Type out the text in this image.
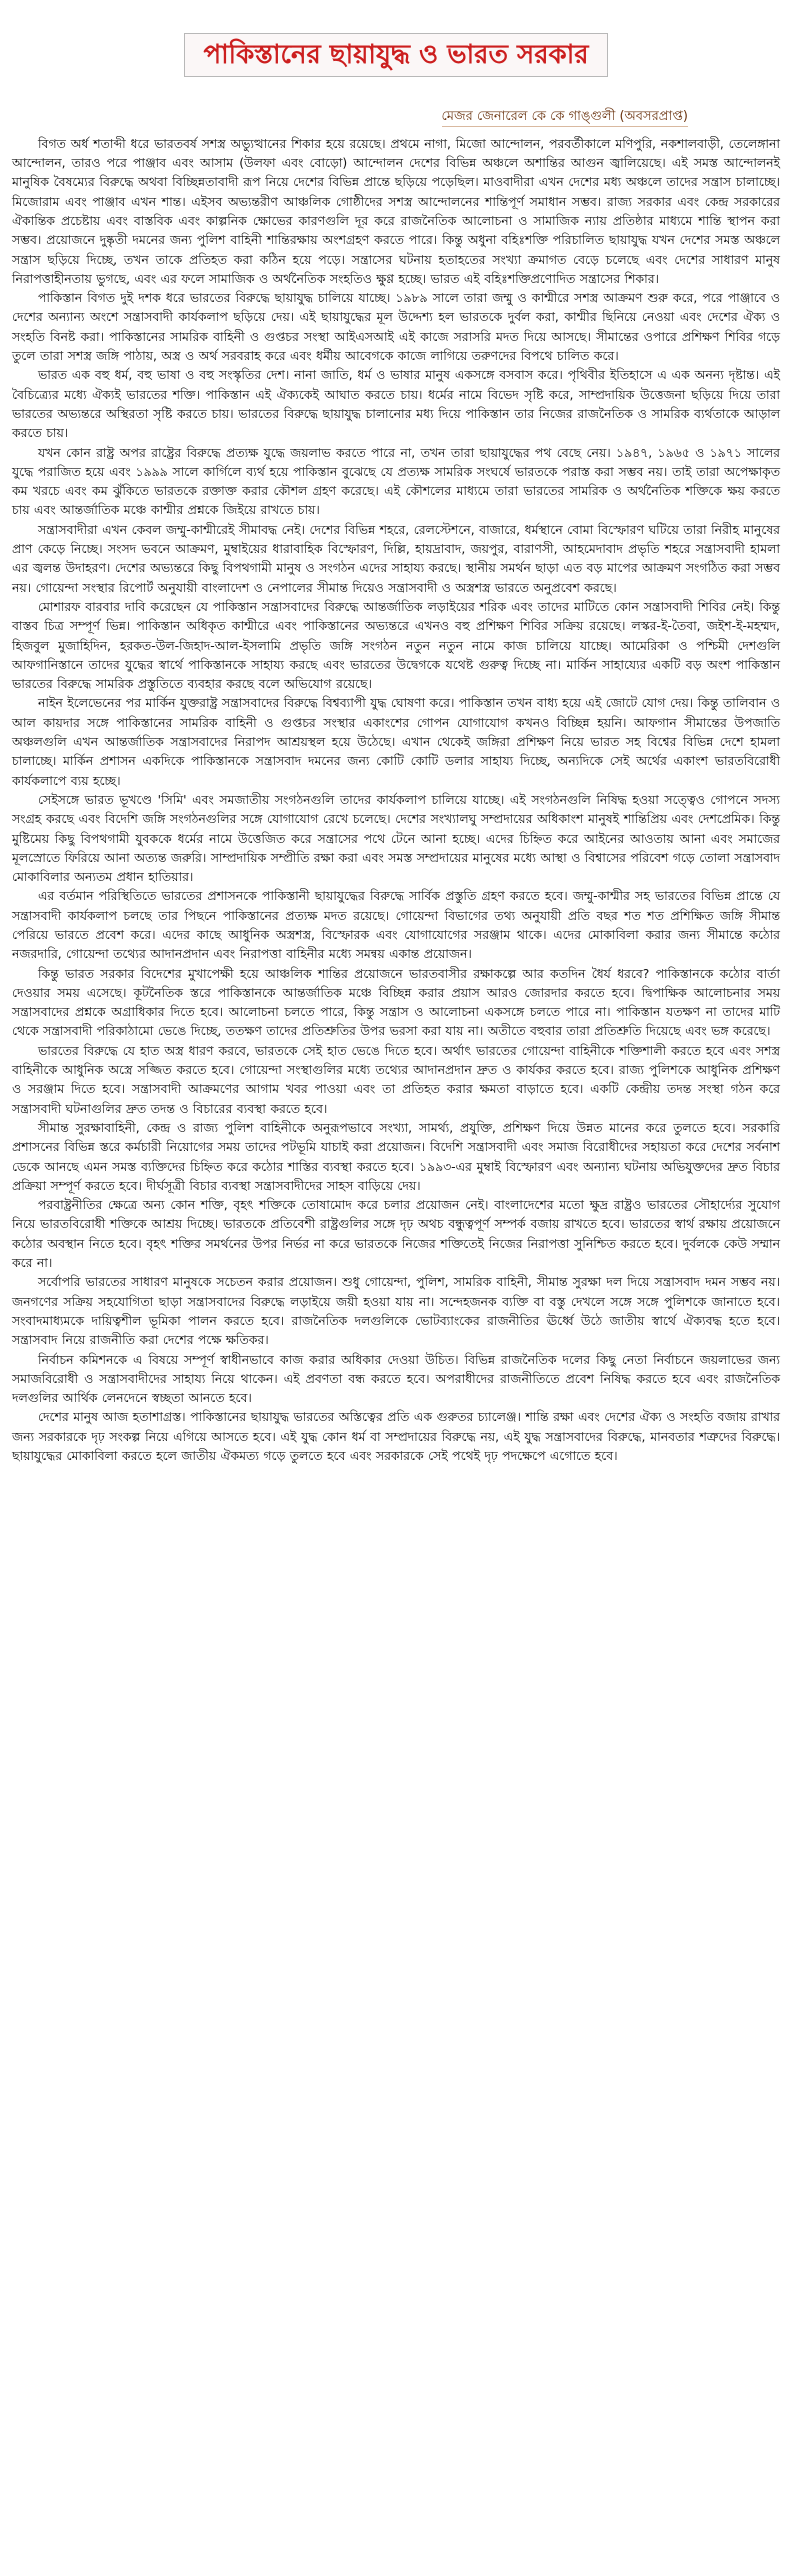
পাকিস্তানের ছায়াযুদ্ধ ও ভারত সরকার
মেজর জেনারেল কে কে গাঙ্গুলী (অবসরপ্রাপ্ত)

বিগত অর্ধ শতাব্দী ধরে ভারতবর্ষ সশস্ত্র অভ্যুত্থানের শিকার হয়ে রয়েছে। প্রথমে নাগা, মিজো আন্দোলন, পরবর্তীকালে মণিপুরি, নকশালবাড়ী, তেলেঙ্গানা আন্দোলন, তারও পরে পাঞ্জাব এবং আসাম (উলফা এবং বোড়ো) আন্দোলন দেশের বিভিন্ন অঞ্চলে অশান্তির আগুন জ্বালিয়েছে। এই সমস্ত আন্দোলনই মানুষিক বৈষম্যের বিরুদ্ধে অথবা বিচ্ছিন্নতাবাদী রূপ নিয়ে দেশের বিভিন্ন প্রান্তে ছড়িয়ে পড়েছিল। মাওবাদীরা এখন দেশের মধ্য অঞ্চলে তাদের সন্ত্রাস চালাচ্ছে। মিজোরাম এবং পাঞ্জাব এখন শান্ত। এইসব অভ্যন্তরীণ আঞ্চলিক গোষ্ঠীদের সশস্ত্র আন্দোলনের শান্তিপূর্ণ সমাধান সম্ভব। রাজ্য সরকার এবং কেন্দ্র সরকারের ঐকান্তিক প্রচেষ্টায় এবং বাস্তবিক এবং কাল্পনিক ক্ষোভের কারণগুলি দূর করে রাজনৈতিক আলোচনা ও সামাজিক ন্যায় প্রতিষ্ঠার মাধ্যমে শান্তি স্থাপন করা সম্ভব। প্রয়োজনে দুষ্কৃতী দমনের জন্য পুলিশ বাহিনী শান্তিরক্ষায় অংশগ্রহণ করতে পারে। কিন্তু অধুনা বহিঃশক্তি পরিচালিত ছায়াযুদ্ধ যখন দেশের সমস্ত অঞ্চলে সন্ত্রাস ছড়িয়ে দিচ্ছে, তখন তাকে প্রতিহত করা কঠিন হয়ে পড়ে। সন্ত্রাসের ঘটনায় হতাহতের সংখ্যা ক্রমাগত বেড়ে চলেছে এবং দেশের সাধারণ মানুষ নিরাপত্তাহীনতায় ভুগছে, এবং এর ফলে সামাজিক ও অর্থনৈতিক সংহতিও ক্ষুণ্ণ হচ্ছে। ভারত এই বহিঃশক্তিপ্রণোদিত সন্ত্রাসের শিকার।

পাকিস্তান বিগত দুই দশক ধরে ভারতের বিরুদ্ধে ছায়াযুদ্ধ চালিয়ে যাচ্ছে। ১৯৮৯ সালে তারা জম্মু ও কাশ্মীরে সশস্ত্র আক্রমণ শুরু করে, পরে পাঞ্জাবে ও দেশের অন্যান্য অংশে সন্ত্রাসবাদী কার্যকলাপ ছড়িয়ে দেয়। এই ছায়াযুদ্ধের মূল উদ্দেশ্য হল ভারতকে দুর্বল করা, কাশ্মীর ছিনিয়ে নেওয়া এবং দেশের ঐক্য ও সংহতি বিনষ্ট করা। পাকিস্তানের সামরিক বাহিনী ও গুপ্তচর সংস্থা আইএসআই এই কাজে সরাসরি মদত দিয়ে আসছে। সীমান্তের ওপারে প্রশিক্ষণ শিবির গড়ে তুলে তারা সশস্ত্র জঙ্গি পাঠায়, অস্ত্র ও অর্থ সরবরাহ করে এবং ধর্মীয় আবেগকে কাজে লাগিয়ে তরুণদের বিপথে চালিত করে।

ভারত এক বহু ধর্ম, বহু ভাষা ও বহু সংস্কৃতির দেশ। নানা জাতি, ধর্ম ও ভাষার মানুষ একসঙ্গে বসবাস করে। পৃথিবীর ইতিহাসে এ এক অনন্য দৃষ্টান্ত। এই বৈচিত্র্যের মধ্যে ঐক্যই ভারতের শক্তি। পাকিস্তান এই ঐক্যকেই আঘাত করতে চায়। ধর্মের নামে বিভেদ সৃষ্টি করে, সাম্প্রদায়িক উত্তেজনা ছড়িয়ে দিয়ে তারা ভারতের অভ্যন্তরে অস্থিরতা সৃষ্টি করতে চায়। ভারতের বিরুদ্ধে ছায়াযুদ্ধ চালানোর মধ্য দিয়ে পাকিস্তান তার নিজের রাজনৈতিক ও সামরিক ব্যর্থতাকে আড়াল করতে চায়।

যখন কোন রাষ্ট্র অপর রাষ্ট্রের বিরুদ্ধে প্রত্যক্ষ যুদ্ধে জয়লাভ করতে পারে না, তখন তারা ছায়াযুদ্ধের পথ বেছে নেয়। ১৯৪৭, ১৯৬৫ ও ১৯৭১ সালের যুদ্ধে পরাজিত হয়ে এবং ১৯৯৯ সালে কার্গিলে ব্যর্থ হয়ে পাকিস্তান বুঝেছে যে প্রত্যক্ষ সামরিক সংঘর্ষে ভারতকে পরাস্ত করা সম্ভব নয়। তাই তারা অপেক্ষাকৃত কম খরচে এবং কম ঝুঁকিতে ভারতকে রক্তাক্ত করার কৌশল গ্রহণ করেছে। এই কৌশলের মাধ্যমে তারা ভারতের সামরিক ও অর্থনৈতিক শক্তিকে ক্ষয় করতে চায় এবং আন্তর্জাতিক মঞ্চে কাশ্মীর প্রশ্নকে জিইয়ে রাখতে চায়।

সন্ত্রাসবাদীরা এখন কেবল জম্মু-কাশ্মীরেই সীমাবদ্ধ নেই। দেশের বিভিন্ন শহরে, রেলস্টেশনে, বাজারে, ধর্মস্থানে বোমা বিস্ফোরণ ঘটিয়ে তারা নিরীহ মানুষের প্রাণ কেড়ে নিচ্ছে। সংসদ ভবনে আক্রমণ, মুম্বাইয়ের ধারাবাহিক বিস্ফোরণ, দিল্লি, হায়দ্রাবাদ, জয়পুর, বারাণসী, আহমেদাবাদ প্রভৃতি শহরে সন্ত্রাসবাদী হামলা এর জ্বলন্ত উদাহরণ। দেশের অভ্যন্তরে কিছু বিপথগামী মানুষ ও সংগঠন এদের সাহায্য করছে। স্থানীয় সমর্থন ছাড়া এত বড় মাপের আক্রমণ সংগঠিত করা সম্ভব নয়। গোয়েন্দা সংস্থার রিপোর্ট অনুযায়ী বাংলাদেশ ও নেপালের সীমান্ত দিয়েও সন্ত্রাসবাদী ও অস্ত্রশস্ত্র ভারতে অনুপ্রবেশ করছে।

মোশারফ বারবার দাবি করেছেন যে পাকিস্তান সন্ত্রাসবাদের বিরুদ্ধে আন্তর্জাতিক লড়াইয়ের শরিক এবং তাদের মাটিতে কোন সন্ত্রাসবাদী শিবির নেই। কিন্তু বাস্তব চিত্র সম্পূর্ণ ভিন্ন। পাকিস্তান অধিকৃত কাশ্মীরে এবং পাকিস্তানের অভ্যন্তরে এখনও বহু প্রশিক্ষণ শিবির সক্রিয় রয়েছে। লস্কর-ই-তৈবা, জইশ-ই-মহম্মদ, হিজবুল মুজাহিদিন, হরকত-উল-জিহাদ-আল-ইসলামি প্রভৃতি জঙ্গি সংগঠন নতুন নতুন নামে কাজ চালিয়ে যাচ্ছে। আমেরিকা ও পশ্চিমী দেশগুলি আফগানিস্তানে তাদের যুদ্ধের স্বার্থে পাকিস্তানকে সাহায্য করছে এবং ভারতের উদ্বেগকে যথেষ্ট গুরুত্ব দিচ্ছে না। মার্কিন সাহায্যের একটি বড় অংশ পাকিস্তান ভারতের বিরুদ্ধে সামরিক প্রস্তুতিতে ব্যবহার করছে বলে অভিযোগ রয়েছে।

নাইন ইলেভেনের পর মার্কিন যুক্তরাষ্ট্র সন্ত্রাসবাদের বিরুদ্ধে বিশ্বব্যাপী যুদ্ধ ঘোষণা করে। পাকিস্তান তখন বাধ্য হয়ে এই জোটে যোগ দেয়। কিন্তু তালিবান ও আল কায়দার সঙ্গে পাকিস্তানের সামরিক বাহিনী ও গুপ্তচর সংস্থার একাংশের গোপন যোগাযোগ কখনও বিচ্ছিন্ন হয়নি। আফগান সীমান্তের উপজাতি অঞ্চলগুলি এখন আন্তর্জাতিক সন্ত্রাসবাদের নিরাপদ আশ্রয়স্থল হয়ে উঠেছে। এখান থেকেই জঙ্গিরা প্রশিক্ষণ নিয়ে ভারত সহ বিশ্বের বিভিন্ন দেশে হামলা চালাচ্ছে। মার্কিন প্রশাসন একদিকে পাকিস্তানকে সন্ত্রাসবাদ দমনের জন্য কোটি কোটি ডলার সাহায্য দিচ্ছে, অন্যদিকে সেই অর্থের একাংশ ভারতবিরোধী কার্যকলাপে ব্যয় হচ্ছে।

সেইসঙ্গে ভারত ভূখণ্ডে 'সিমি' এবং সমজাতীয় সংগঠনগুলি তাদের কার্যকলাপ চালিয়ে যাচ্ছে। এই সংগঠনগুলি নিষিদ্ধ হওয়া সত্ত্বেও গোপনে সদস্য সংগ্রহ করছে এবং বিদেশি জঙ্গি সংগঠনগুলির সঙ্গে যোগাযোগ রেখে চলেছে। দেশের সংখ্যালঘু সম্প্রদায়ের অধিকাংশ মানুষই শান্তিপ্রিয় এবং দেশপ্রেমিক। কিন্তু মুষ্টিমেয় কিছু বিপথগামী যুবককে ধর্মের নামে উত্তেজিত করে সন্ত্রাসের পথে টেনে আনা হচ্ছে। এদের চিহ্নিত করে আইনের আওতায় আনা এবং সমাজের মূলস্রোতে ফিরিয়ে আনা অত্যন্ত জরুরি। সাম্প্রদায়িক সম্প্রীতি রক্ষা করা এবং সমস্ত সম্প্রদায়ের মানুষের মধ্যে আস্থা ও বিশ্বাসের পরিবেশ গড়ে তোলা সন্ত্রাসবাদ মোকাবিলার অন্যতম প্রধান হাতিয়ার।

এর বর্তমান পরিস্থিতিতে ভারতের প্রশাসনকে পাকিস্তানী ছায়াযুদ্ধের বিরুদ্ধে সার্বিক প্রস্তুতি গ্রহণ করতে হবে। জম্মু-কাশ্মীর সহ ভারতের বিভিন্ন প্রান্তে যে সন্ত্রাসবাদী কার্যকলাপ চলছে তার পিছনে পাকিস্তানের প্রত্যক্ষ মদত রয়েছে। গোয়েন্দা বিভাগের তথ্য অনুযায়ী প্রতি বছর শত শত প্রশিক্ষিত জঙ্গি সীমান্ত পেরিয়ে ভারতে প্রবেশ করে। এদের কাছে আধুনিক অস্ত্রশস্ত্র, বিস্ফোরক এবং যোগাযোগের সরঞ্জাম থাকে। এদের মোকাবিলা করার জন্য সীমান্তে কঠোর নজরদারি, গোয়েন্দা তথ্যের আদানপ্রদান এবং নিরাপত্তা বাহিনীর মধ্যে সমন্বয় একান্ত প্রয়োজন।

কিন্তু ভারত সরকার বিদেশের মুখাপেক্ষী হয়ে আঞ্চলিক শান্তির প্রয়োজনে ভারতবাসীর রক্ষাকল্পে আর কতদিন ধৈর্য ধরবে? পাকিস্তানকে কঠোর বার্তা দেওয়ার সময় এসেছে। কূটনৈতিক স্তরে পাকিস্তানকে আন্তর্জাতিক মঞ্চে বিচ্ছিন্ন করার প্রয়াস আরও জোরদার করতে হবে। দ্বিপাক্ষিক আলোচনার সময় সন্ত্রাসবাদের প্রশ্নকে অগ্রাধিকার দিতে হবে। আলোচনা চলতে পারে, কিন্তু সন্ত্রাস ও আলোচনা একসঙ্গে চলতে পারে না। পাকিস্তান যতক্ষণ না তাদের মাটি থেকে সন্ত্রাসবাদী পরিকাঠামো ভেঙে দিচ্ছে, ততক্ষণ তাদের প্রতিশ্রুতির উপর ভরসা করা যায় না। অতীতে বহুবার তারা প্রতিশ্রুতি দিয়েছে এবং ভঙ্গ করেছে।

ভারতের বিরুদ্ধে যে হাত অস্ত্র ধারণ করবে, ভারতকে সেই হাত ভেঙে দিতে হবে। অর্থাৎ ভারতের গোয়েন্দা বাহিনীকে শক্তিশালী করতে হবে এবং সশস্ত্র বাহিনীকে আধুনিক অস্ত্রে সজ্জিত করতে হবে। গোয়েন্দা সংস্থাগুলির মধ্যে তথ্যের আদানপ্রদান দ্রুত ও কার্যকর করতে হবে। রাজ্য পুলিশকে আধুনিক প্রশিক্ষণ ও সরঞ্জাম দিতে হবে। সন্ত্রাসবাদী আক্রমণের আগাম খবর পাওয়া এবং তা প্রতিহত করার ক্ষমতা বাড়াতে হবে। একটি কেন্দ্রীয় তদন্ত সংস্থা গঠন করে সন্ত্রাসবাদী ঘটনাগুলির দ্রুত তদন্ত ও বিচারের ব্যবস্থা করতে হবে।

সীমান্ত সুরক্ষাবাহিনী, কেন্দ্র ও রাজ্য পুলিশ বাহিনীকে অনুরূপভাবে সংখ্যা, সামর্থ্য, প্রযুক্তি, প্রশিক্ষণ দিয়ে উন্নত মানের করে তুলতে হবে। সরকারি প্রশাসনের বিভিন্ন স্তরে কর্মচারী নিয়োগের সময় তাদের পটভূমি যাচাই করা প্রয়োজন। বিদেশি সন্ত্রাসবাদী এবং সমাজ বিরোধীদের সহায়তা করে দেশের সর্বনাশ ডেকে আনছে এমন সমস্ত ব্যক্তিদের চিহ্নিত করে কঠোর শাস্তির ব্যবস্থা করতে হবে। ১৯৯৩-এর মুম্বাই বিস্ফোরণ এবং অন্যান্য ঘটনায় অভিযুক্তদের দ্রুত বিচার প্রক্রিয়া সম্পূর্ণ করতে হবে। দীর্ঘসূত্রী বিচার ব্যবস্থা সন্ত্রাসবাদীদের সাহস বাড়িয়ে দেয়।

পরবাষ্ট্রনীতির ক্ষেত্রে অন্য কোন শক্তি, বৃহৎ শক্তিকে তোষামোদ করে চলার প্রয়োজন নেই। বাংলাদেশের মতো ক্ষুদ্র রাষ্ট্রও ভারতের সৌহার্দ্যের সুযোগ নিয়ে ভারতবিরোধী শক্তিকে আশ্রয় দিচ্ছে। ভারতকে প্রতিবেশী রাষ্ট্রগুলির সঙ্গে দৃঢ় অথচ বন্ধুত্বপূর্ণ সম্পর্ক বজায় রাখতে হবে। ভারতের স্বার্থ রক্ষায় প্রয়োজনে কঠোর অবস্থান নিতে হবে। বৃহৎ শক্তির সমর্থনের উপর নির্ভর না করে ভারতকে নিজের শক্তিতেই নিজের নিরাপত্তা সুনিশ্চিত করতে হবে। দুর্বলকে কেউ সম্মান করে না।

সর্বোপরি ভারতের সাধারণ মানুষকে সচেতন করার প্রয়োজন। শুধু গোয়েন্দা, পুলিশ, সামরিক বাহিনী, সীমান্ত সুরক্ষা দল দিয়ে সন্ত্রাসবাদ দমন সম্ভব নয়। জনগণের সক্রিয় সহযোগিতা ছাড়া সন্ত্রাসবাদের বিরুদ্ধে লড়াইয়ে জয়ী হওয়া যায় না। সন্দেহজনক ব্যক্তি বা বস্তু দেখলে সঙ্গে সঙ্গে পুলিশকে জানাতে হবে। সংবাদমাধ্যমকে দায়িত্বশীল ভূমিকা পালন করতে হবে। রাজনৈতিক দলগুলিকে ভোটব্যাংকের রাজনীতির ঊর্ধ্বে উঠে জাতীয় স্বার্থে ঐক্যবদ্ধ হতে হবে। সন্ত্রাসবাদ নিয়ে রাজনীতি করা দেশের পক্ষে ক্ষতিকর।

নির্বাচন কমিশনকে এ বিষয়ে সম্পূর্ণ স্বাধীনভাবে কাজ করার অধিকার দেওয়া উচিত। বিভিন্ন রাজনৈতিক দলের কিছু নেতা নির্বাচনে জয়লাভের জন্য সমাজবিরোধী ও সন্ত্রাসবাদীদের সাহায্য নিয়ে থাকেন। এই প্রবণতা বন্ধ করতে হবে। অপরাধীদের রাজনীতিতে প্রবেশ নিষিদ্ধ করতে হবে এবং রাজনৈতিক দলগুলির আর্থিক লেনদেনে স্বচ্ছতা আনতে হবে।

দেশের মানুষ আজ হতাশাগ্রস্ত। পাকিস্তানের ছায়াযুদ্ধ ভারতের অস্তিত্বের প্রতি এক গুরুতর চ্যালেঞ্জ। শান্তি রক্ষা এবং দেশের ঐক্য ও সংহতি বজায় রাখার জন্য সরকারকে দৃঢ় সংকল্প নিয়ে এগিয়ে আসতে হবে। এই যুদ্ধ কোন ধর্ম বা সম্প্রদায়ের বিরুদ্ধে নয়, এই যুদ্ধ সন্ত্রাসবাদের বিরুদ্ধে, মানবতার শত্রুদের বিরুদ্ধে। ছায়াযুদ্ধের মোকাবিলা করতে হলে জাতীয় ঐকমত্য গড়ে তুলতে হবে এবং সরকারকে সেই পথেই দৃঢ় পদক্ষেপে এগোতে হবে।
